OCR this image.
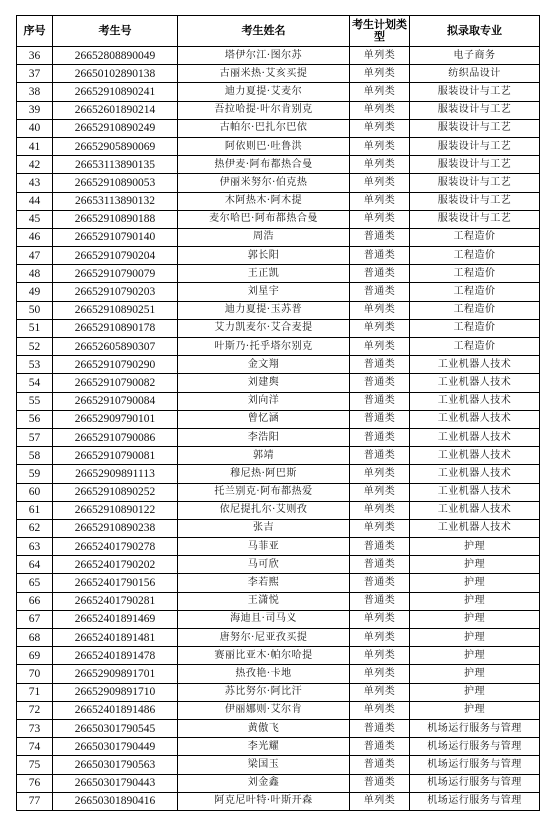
序号	考生号	考生姓名	考生计划类型	拟录取专业
36	26652808890049	塔伊尔江·图尔苏	单列类	电子商务
37	26650102890138	古丽米热·艾亥买提	单列类	纺织品设计
38	26652910890241	迪力夏提·艾麦尔	单列类	服装设计与工艺
39	26652601890214	吾拉哈提·叶尔肯别克	单列类	服装设计与工艺
40	26652910890249	古帕尔·巴扎尔巴依	单列类	服装设计与工艺
41	26652905890069	阿依则巴·吐鲁洪	单列类	服装设计与工艺
42	26653113890135	热伊麦·阿布都热合曼	单列类	服装设计与工艺
43	26652910890053	伊丽米努尔·伯克热	单列类	服装设计与工艺
44	26653113890132	木阿热木·阿木提	单列类	服装设计与工艺
45	26652910890188	麦尔哈巴·阿布都热合曼	单列类	服装设计与工艺
46	26652910790140	周浩	普通类	工程造价
47	26652910790204	郭长阳	普通类	工程造价
48	26652910790079	王正凯	普通类	工程造价
49	26652910790203	刘星宇	普通类	工程造价
50	26652910890251	迪力夏提·玉苏普	单列类	工程造价
51	26652910890178	艾力凯麦尔·艾合麦提	单列类	工程造价
52	26652605890307	叶斯乃·托乎塔尔别克	单列类	工程造价
53	26652910790290	金文翔	普通类	工业机器人技术
54	26652910790082	刘建舆	普通类	工业机器人技术
55	26652910790084	刘向洋	普通类	工业机器人技术
56	26652909790101	曾忆涵	普通类	工业机器人技术
57	26652910790086	李浩阳	普通类	工业机器人技术
58	26652910790081	郭靖	普通类	工业机器人技术
59	26652909891113	穆尼热·阿巴斯	单列类	工业机器人技术
60	26652910890252	托兰别克·阿布都热爱	单列类	工业机器人技术
61	26652910890122	依尼提扎尔·艾则孜	单列类	工业机器人技术
62	26652910890238	张吉	单列类	工业机器人技术
63	26652401790278	马菲亚	普通类	护理
64	26652401790202	马可欣	普通类	护理
65	26652401790156	李若熙	普通类	护理
66	26652401790281	王潇悦	普通类	护理
67	26652401891469	海迪且·司马义	单列类	护理
68	26652401891481	唐努尔·尼亚孜买提	单列类	护理
69	26652401891478	赛丽比亚木·帕尔哈提	单列类	护理
70	26652909891701	热孜艳·卡地	单列类	护理
71	26652909891710	苏比努尔·阿比汗	单列类	护理
72	26652401891486	伊丽娜则·艾尔肯	单列类	护理
73	26650301790545	黄傲飞	普通类	机场运行服务与管理
74	26650301790449	李光耀	普通类	机场运行服务与管理
75	26650301790563	梁国玉	普通类	机场运行服务与管理
76	26650301790443	刘金鑫	普通类	机场运行服务与管理
77	26650301890416	阿克尼叶特·叶斯开森	单列类	机场运行服务与管理
